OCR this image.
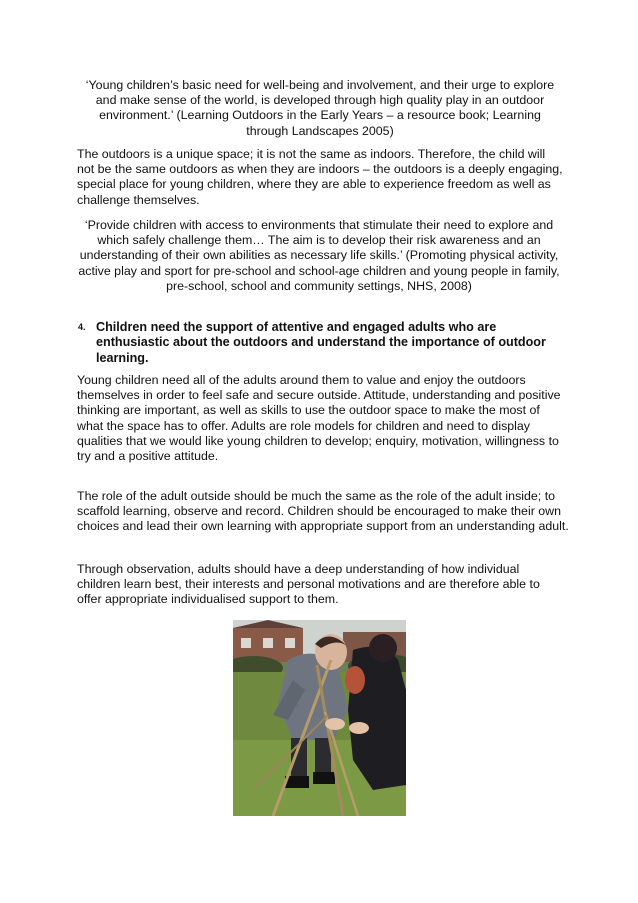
‘Young children’s basic need for well-being and involvement, and their urge to explore and make sense of the world, is developed through high quality play in an outdoor environment.’ (Learning Outdoors in the Early Years – a resource book; Learning through Landscapes 2005)

The outdoors is a unique space; it is not the same as indoors. Therefore, the child will not be the same outdoors as when they are indoors – the outdoors is a deeply engaging, special place for young children, where they are able to experience freedom as well as challenge themselves.

‘Provide children with access to environments that stimulate their need to explore and which safely challenge them… The aim is to develop their risk awareness and an understanding of their own abilities as necessary life skills.’ (Promoting physical activity, active play and sport for pre-school and school-age children and young people in family, pre-school, school and community settings, NHS, 2008)

4. Children need the support of attentive and engaged adults who are enthusiastic about the outdoors and understand the importance of outdoor learning.

Young children need all of the adults around them to value and enjoy the outdoors themselves in order to feel safe and secure outside. Attitude, understanding and positive thinking are important, as well as skills to use the outdoor space to make the most of what the space has to offer. Adults are role models for children and need to display qualities that we would like young children to develop; enquiry, motivation, willingness to try and a positive attitude.

The role of the adult outside should be much the same as the role of the adult inside; to scaffold learning, observe and record. Children should be encouraged to make their own choices and lead their own learning with appropriate support from an understanding adult.

Through observation, adults should have a deep understanding of how individual children learn best, their interests and personal motivations and are therefore able to offer appropriate individualised support to them.
